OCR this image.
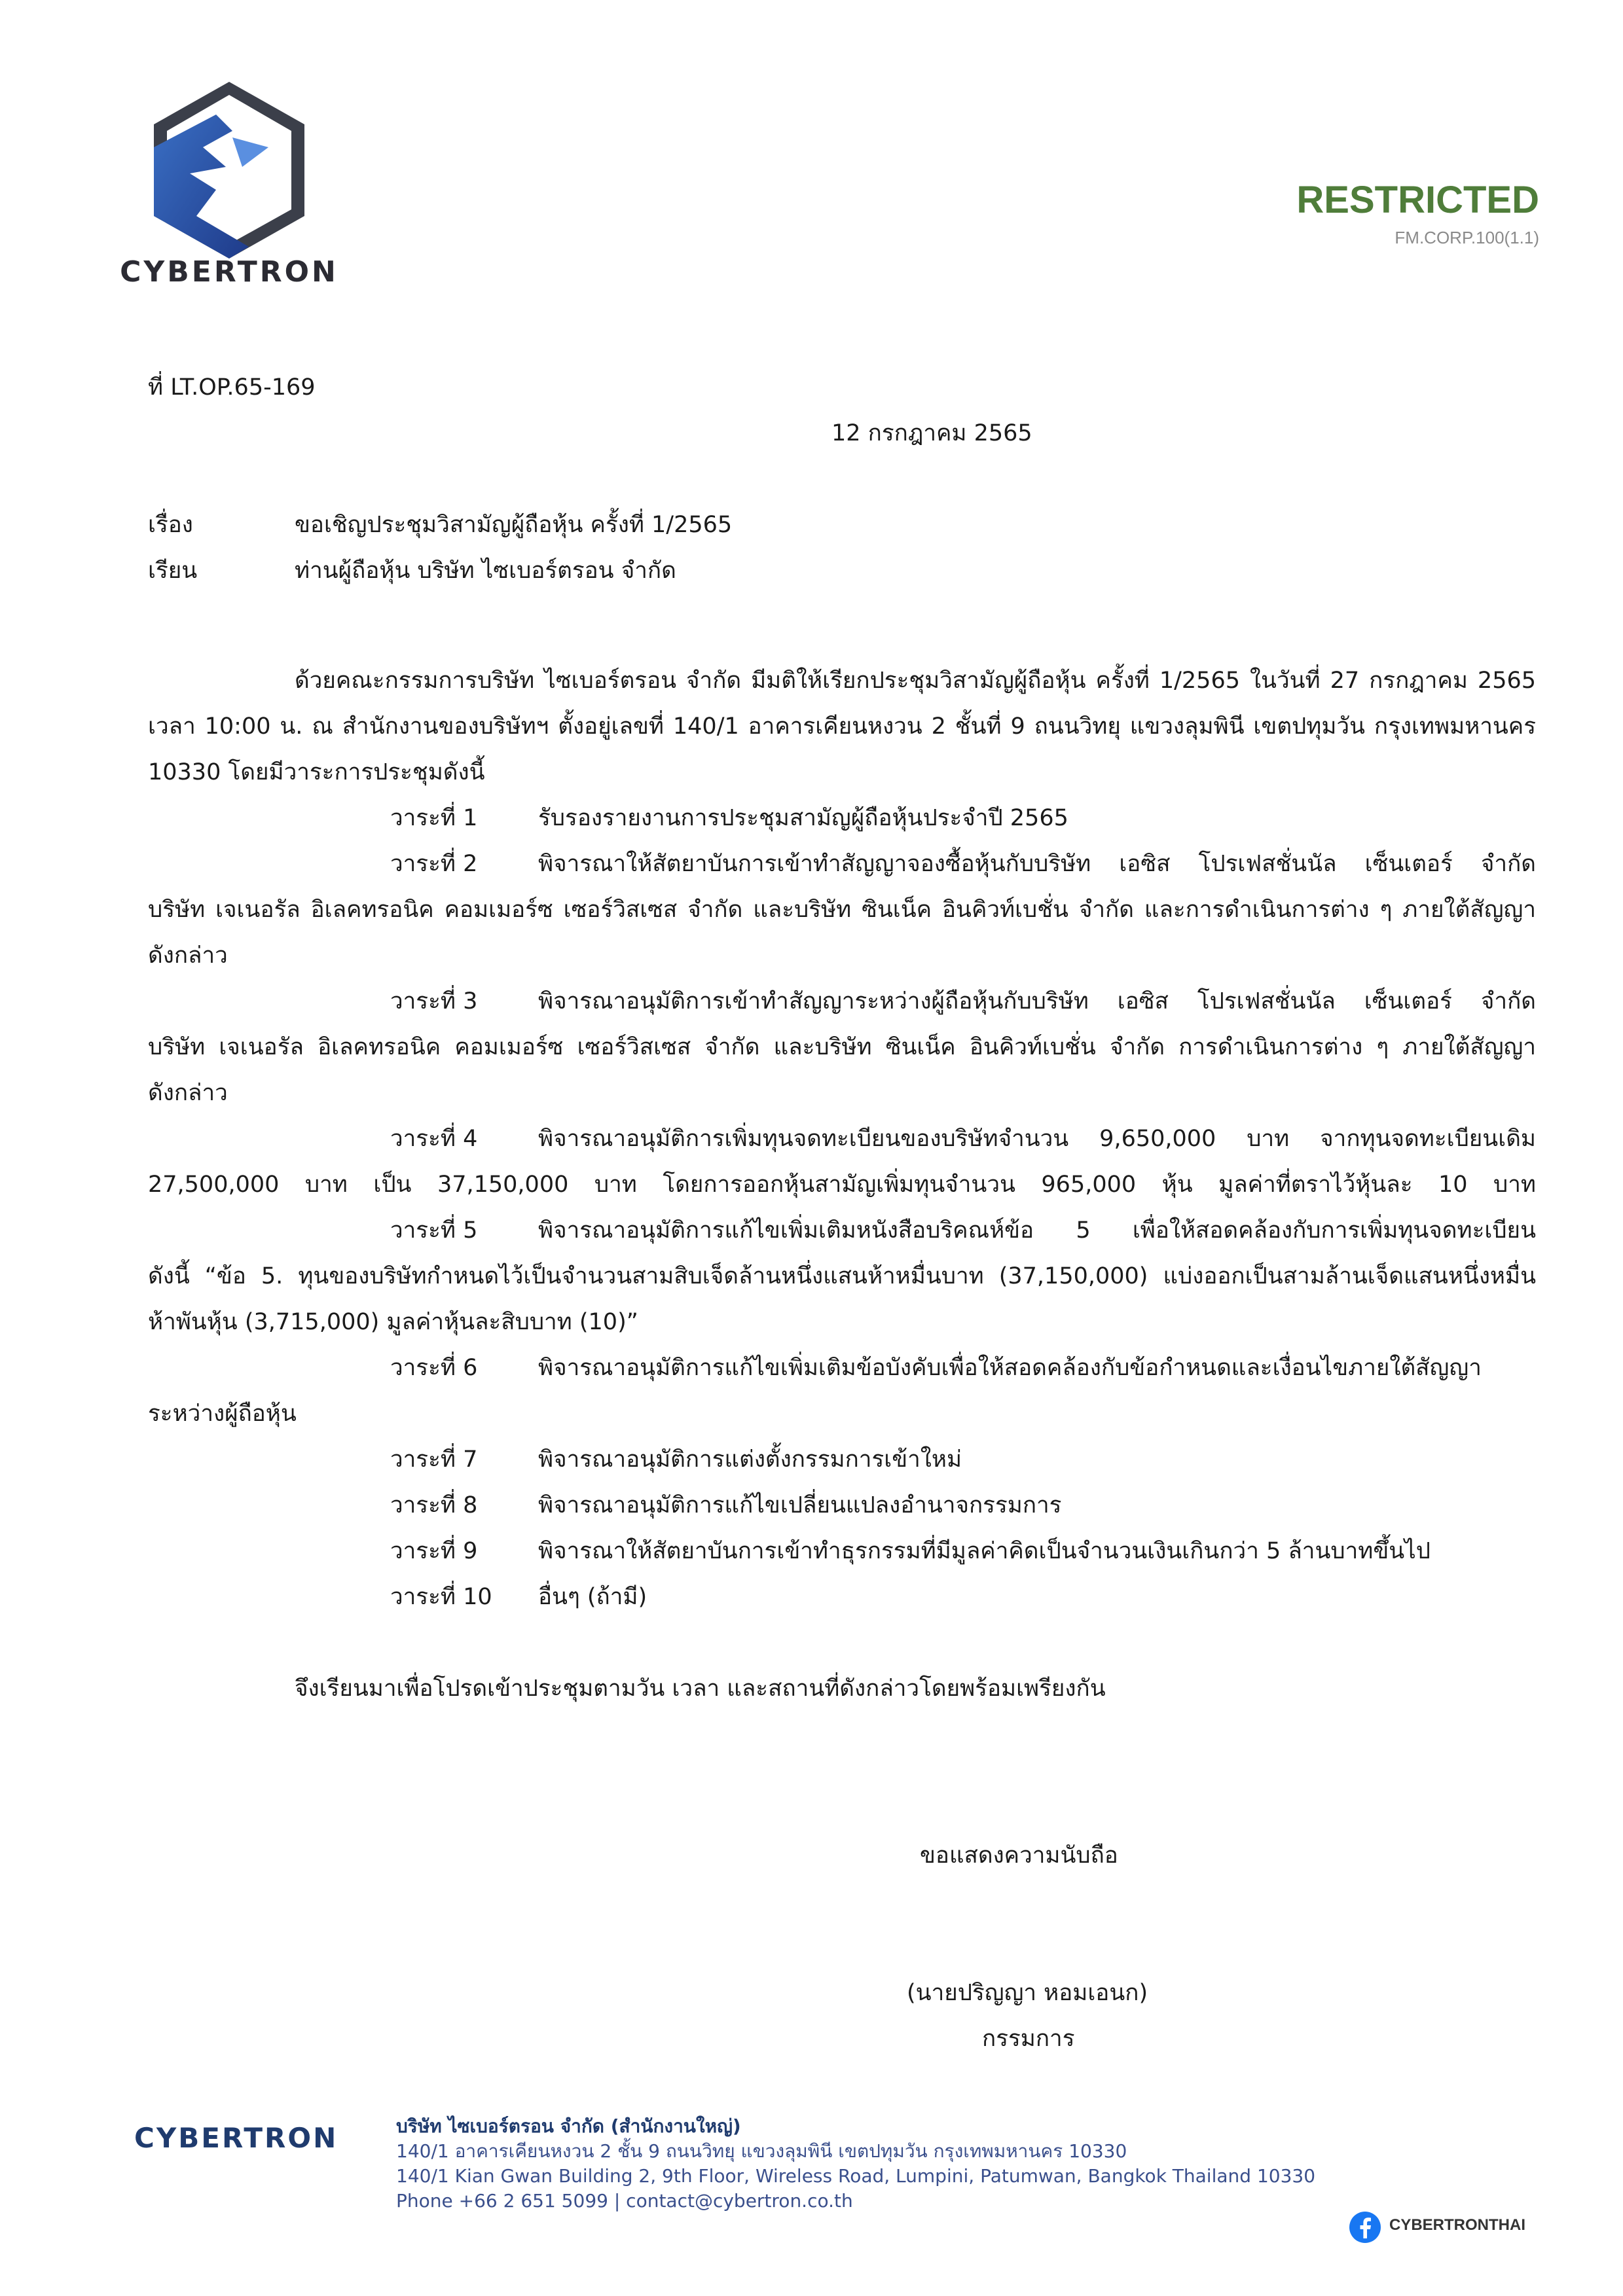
CYBERTRON
RESTRICTED
FM.CORP.100(1.1)
ที่ LT.OP.65-169
12 กรกฎาคม 2565
เรื่อง	ขอเชิญประชุมวิสามัญผู้ถือหุ้น ครั้งที่ 1/2565
เรียน	ท่านผู้ถือหุ้น บริษัท ไซเบอร์ตรอน จำกัด
ด้วยคณะกรรมการบริษัท ไซเบอร์ตรอน จำกัด มีมติให้เรียกประชุมวิสามัญผู้ถือหุ้น ครั้งที่ 1/2565 ในวันที่ 27 กรกฎาคม 2565
เวลา 10:00 น. ณ สำนักงานของบริษัทฯ ตั้งอยู่เลขที่ 140/1 อาคารเคียนหงวน 2 ชั้นที่ 9 ถนนวิทยุ แขวงลุมพินี เขตปทุมวัน กรุงเทพมหานคร
10330 โดยมีวาระการประชุมดังนี้
วาระที่ 1	รับรองรายงานการประชุมสามัญผู้ถือหุ้นประจำปี 2565
วาระที่ 2	พิจารณาให้สัตยาบันการเข้าทำสัญญาจองซื้อหุ้นกับบริษัท เอซิส โปรเฟสชั่นนัล เซ็นเตอร์ จำกัด
บริษัท เจเนอรัล อิเลคทรอนิค คอมเมอร์ซ เซอร์วิสเซส จำกัด และบริษัท ซินเน็ค อินคิวท์เบชั่น จำกัด และการดำเนินการต่าง ๆ ภายใต้สัญญา
ดังกล่าว
วาระที่ 3	พิจารณาอนุมัติการเข้าทำสัญญาระหว่างผู้ถือหุ้นกับบริษัท เอซิส โปรเฟสชั่นนัล เซ็นเตอร์ จำกัด
บริษัท เจเนอรัล อิเลคทรอนิค คอมเมอร์ซ เซอร์วิสเซส จำกัด และบริษัท ซินเน็ค อินคิวท์เบชั่น จำกัด การดำเนินการต่าง ๆ ภายใต้สัญญา
ดังกล่าว
วาระที่ 4	พิจารณาอนุมัติการเพิ่มทุนจดทะเบียนของบริษัทจำนวน 9,650,000 บาท จากทุนจดทะเบียนเดิม
27,500,000 บาท เป็น 37,150,000 บาท โดยการออกหุ้นสามัญเพิ่มทุนจำนวน 965,000 หุ้น มูลค่าที่ตราไว้หุ้นละ 10 บาท
วาระที่ 5	พิจารณาอนุมัติการแก้ไขเพิ่มเติมหนังสือบริคณห์ข้อ 5 เพื่อให้สอดคล้องกับการเพิ่มทุนจดทะเบียน
ดังนี้ “ข้อ 5. ทุนของบริษัทกำหนดไว้เป็นจำนวนสามสิบเจ็ดล้านหนึ่งแสนห้าหมื่นบาท (37,150,000) แบ่งออกเป็นสามล้านเจ็ดแสนหนึ่งหมื่น
ห้าพันหุ้น (3,715,000) มูลค่าหุ้นละสิบบาท (10)”
วาระที่ 6	พิจารณาอนุมัติการแก้ไขเพิ่มเติมข้อบังคับเพื่อให้สอดคล้องกับข้อกำหนดและเงื่อนไขภายใต้สัญญา
ระหว่างผู้ถือหุ้น
วาระที่ 7	พิจารณาอนุมัติการแต่งตั้งกรรมการเข้าใหม่
วาระที่ 8	พิจารณาอนุมัติการแก้ไขเปลี่ยนแปลงอำนาจกรรมการ
วาระที่ 9	พิจารณาให้สัตยาบันการเข้าทำธุรกรรมที่มีมูลค่าคิดเป็นจำนวนเงินเกินกว่า 5 ล้านบาทขึ้นไป
วาระที่ 10 อื่นๆ (ถ้ามี)
จึงเรียนมาเพื่อโปรดเข้าประชุมตามวัน เวลา และสถานที่ดังกล่าวโดยพร้อมเพรียงกัน
ขอแสดงความนับถือ
(นายปริญญา หอมเอนก)
กรรมการ
CYBERTRON	บริษัท ไซเบอร์ตรอน จำกัด (สำนักงานใหญ่)
140/1 อาคารเคียนหงวน 2 ชั้น 9 ถนนวิทยุ แขวงลุมพินี เขตปทุมวัน กรุงเทพมหานคร 10330
140/1 Kian Gwan Building 2, 9th Floor, Wireless Road, Lumpini, Patumwan, Bangkok Thailand 10330
Phone +66 2 651 5099 | contact@cybertron.co.th
CYBERTRONTHAI
